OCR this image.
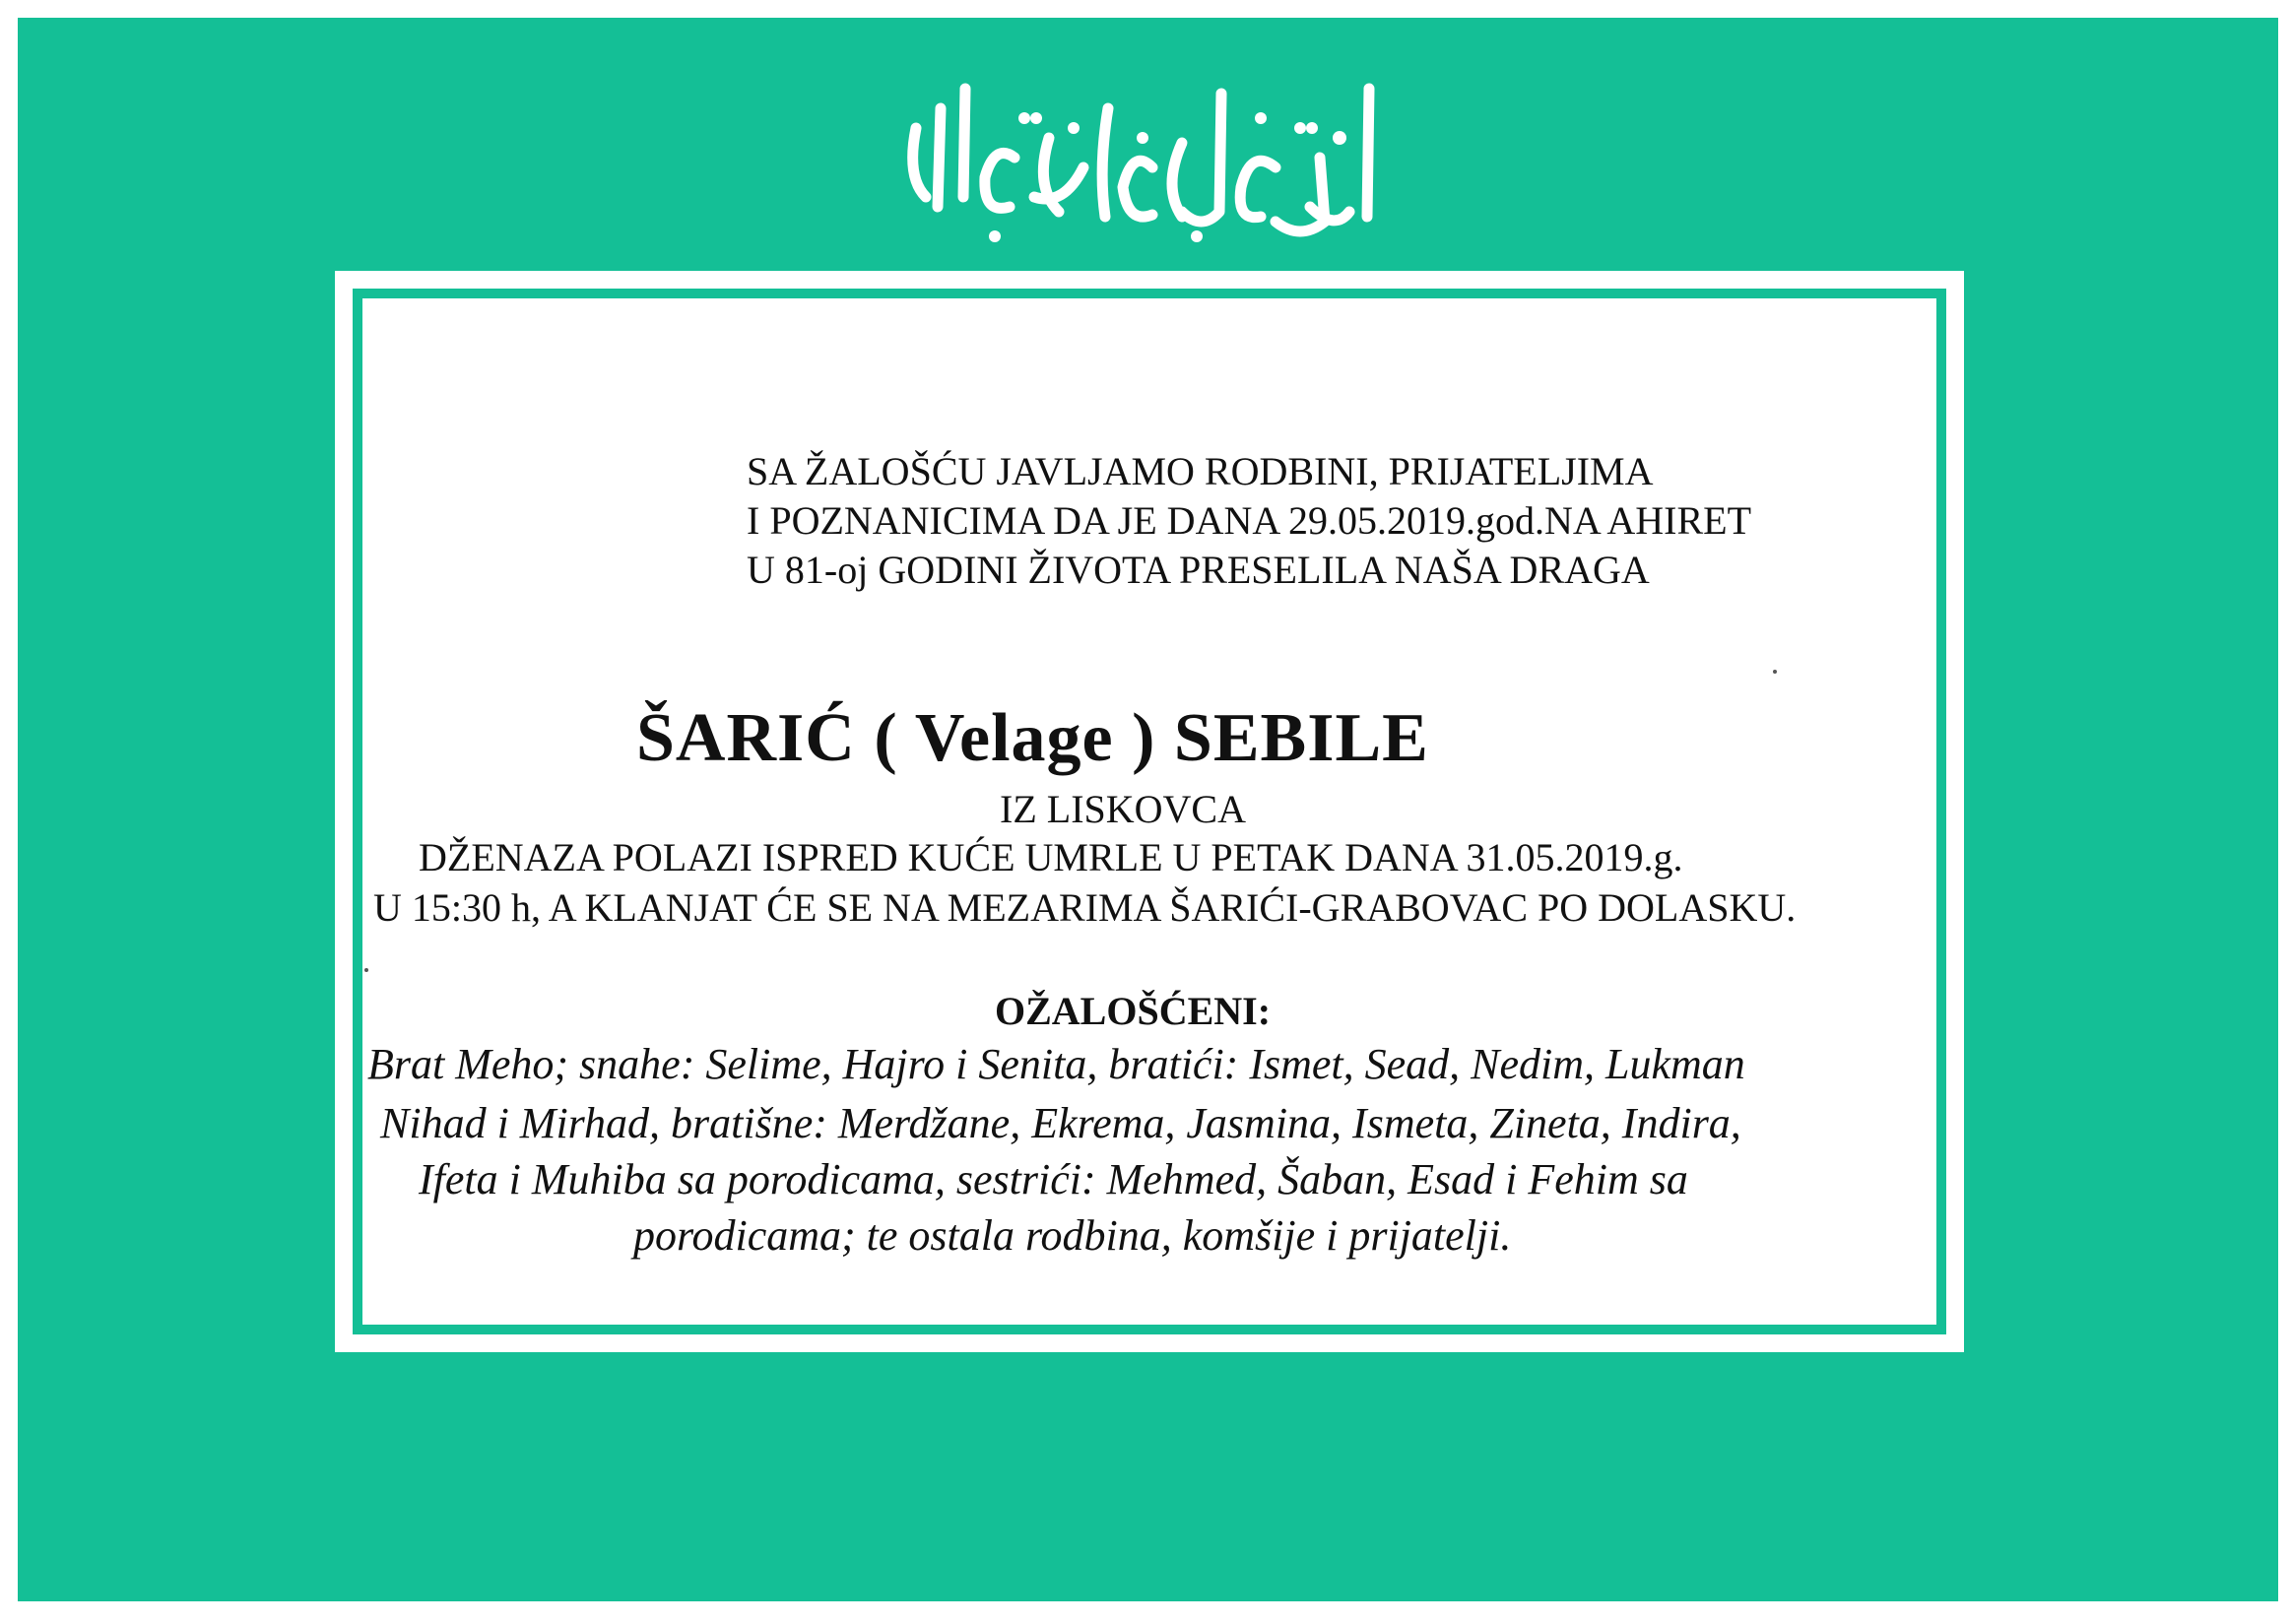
SA ŽALOŠĆU JAVLJAMO RODBINI, PRIJATELJIMA
I POZNANICIMA DA JE DANA 29.05.2019.god.NA AHIRET
U 81-oj GODINI ŽIVOTA PRESELILA NAŠA DRAGA
ŠARIĆ ( Velage ) SEBILE
IZ LISKOVCA
DŽENAZA POLAZI ISPRED KUĆE UMRLE U PETAK DANA 31.05.2019.g.
U 15:30 h, A KLANJAT ĆE SE NA MEZARIMA ŠARIĆI-GRABOVAC PO DOLASKU.
OŽALOŠĆENI:
Brat Meho; snahe: Selime, Hajro i Senita, bratići: Ismet, Sead, Nedim, Lukman
Nihad i Mirhad, bratišne: Merdžane, Ekrema, Jasmina, Ismeta, Zineta, Indira,
Ifeta i Muhiba sa porodicama, sestrići: Mehmed, Šaban, Esad i Fehim sa
porodicama; te ostala rodbina, komšije i prijatelji.
